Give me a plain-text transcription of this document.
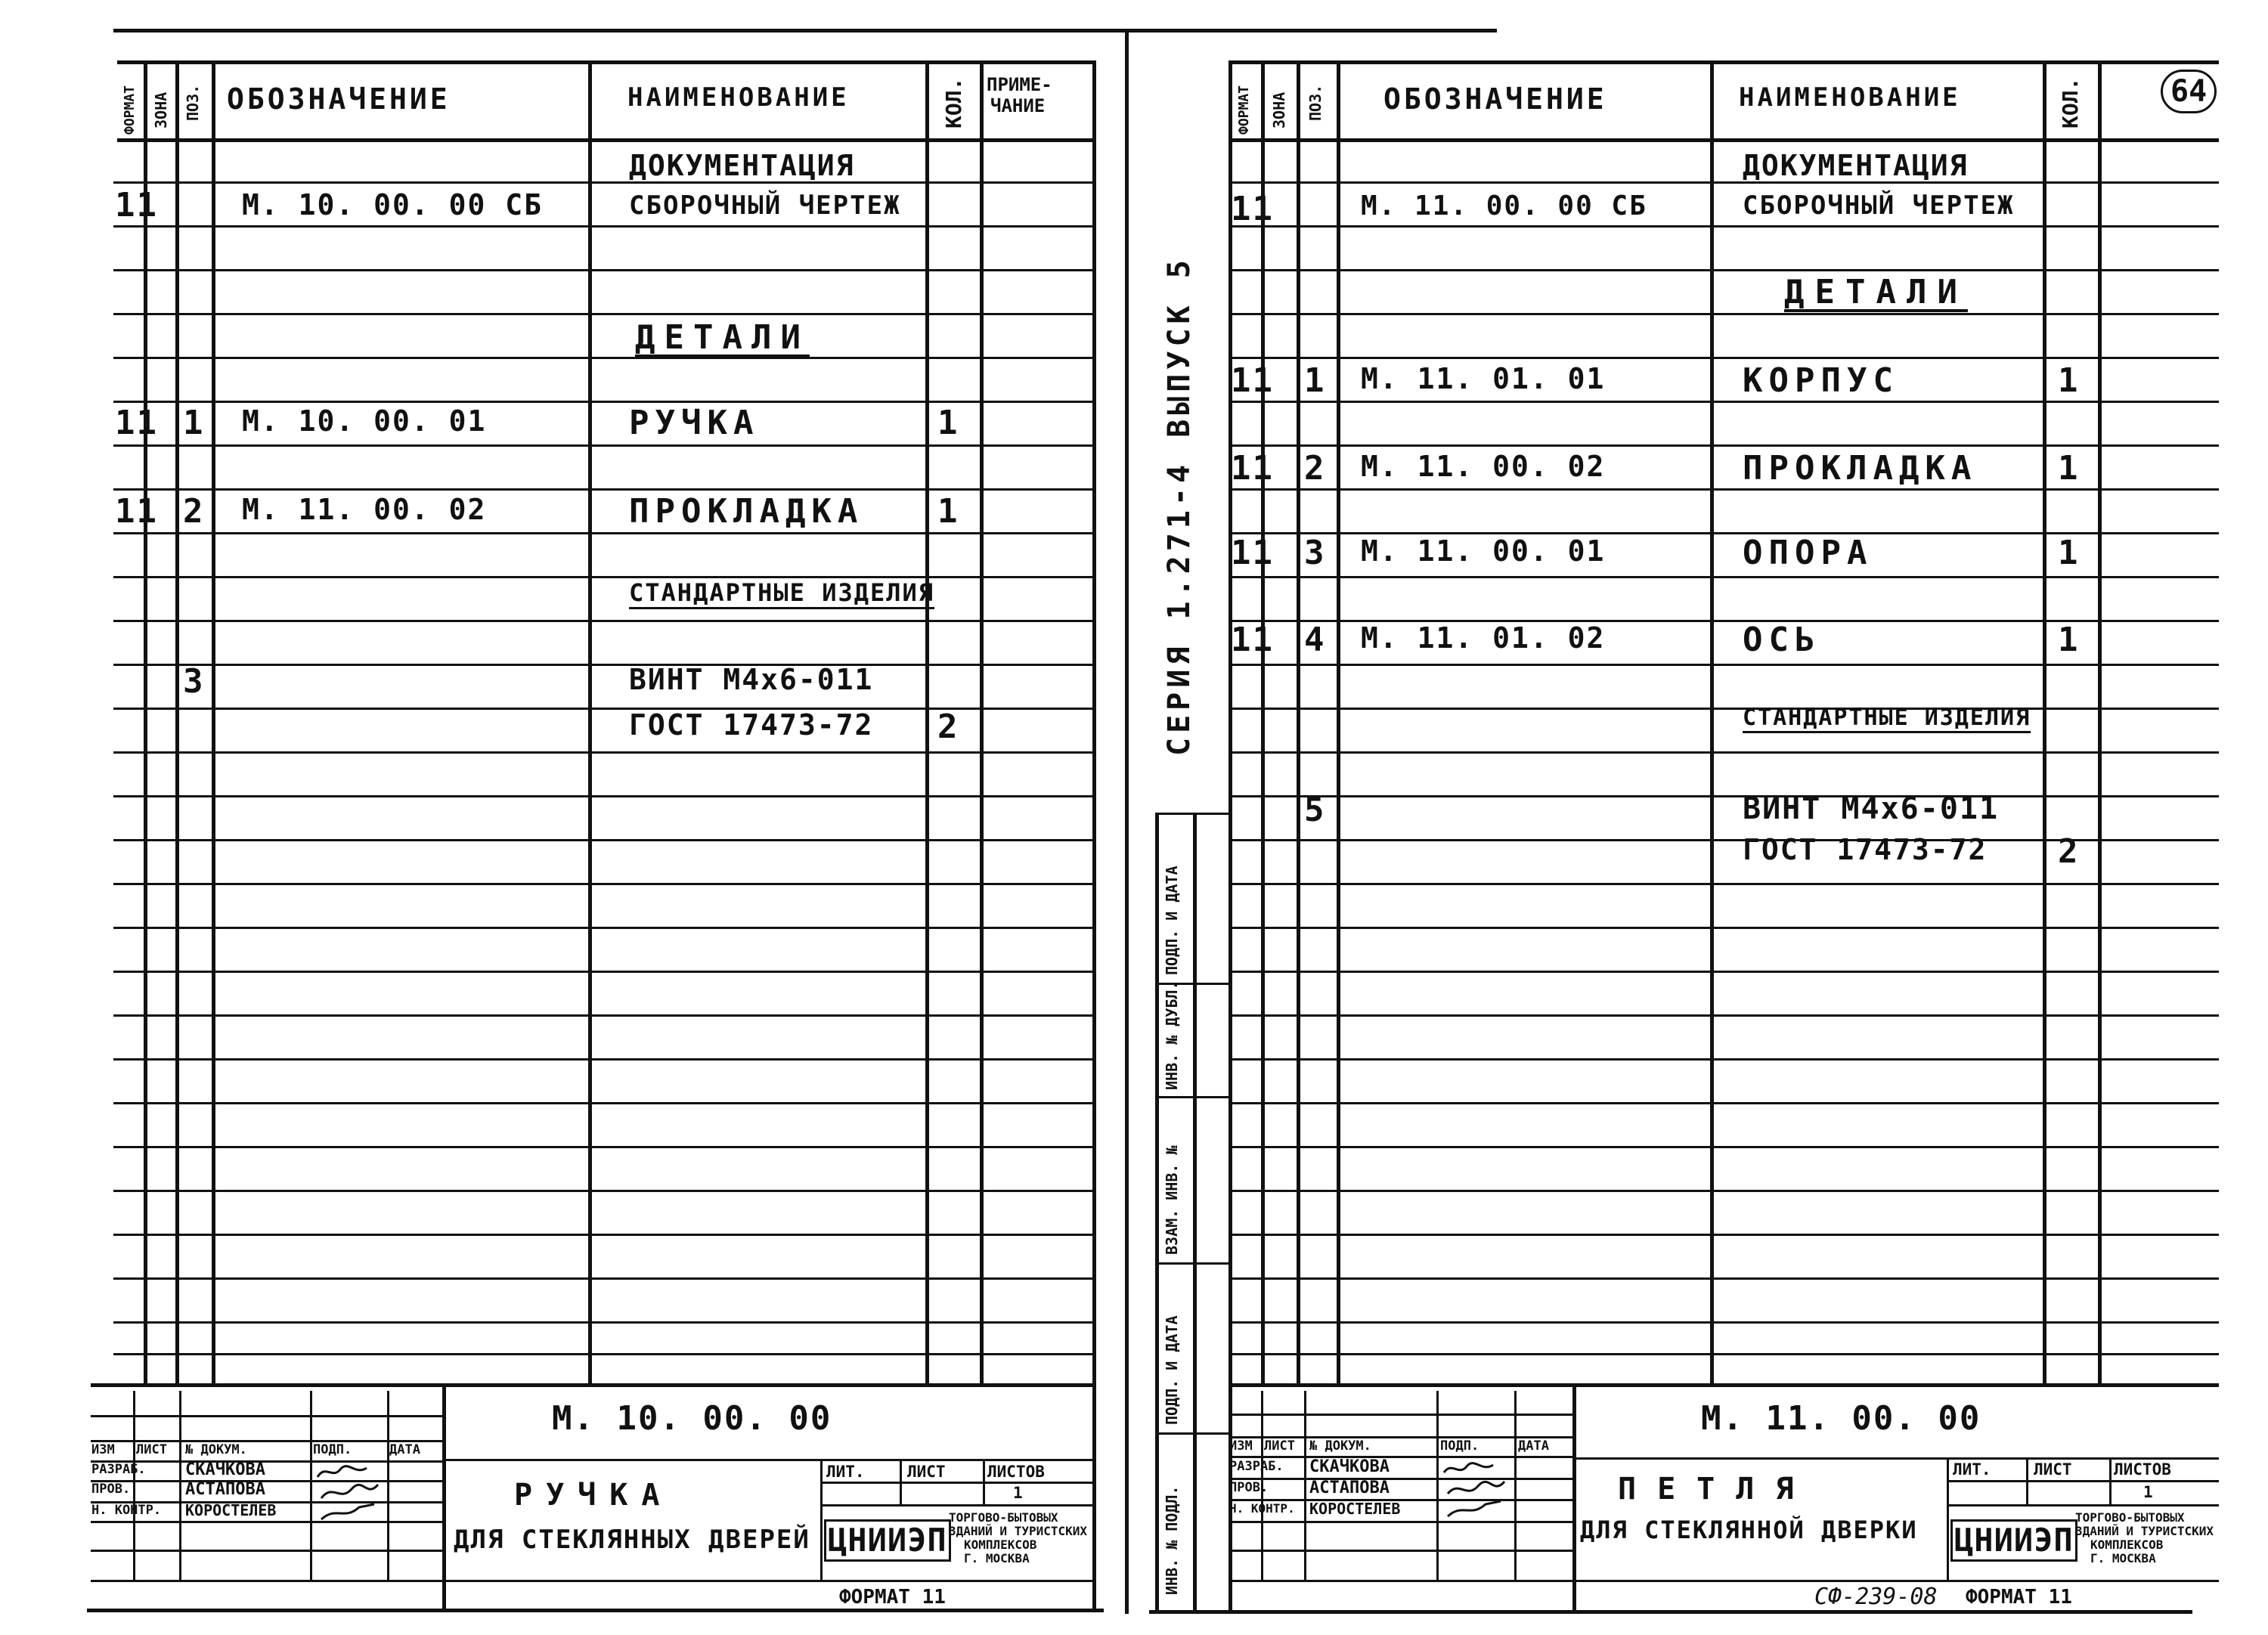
ФОРМАТ ЗОНА ПОЗ. ОБОЗНАЧЕНИЕ	НАИМЕНОВАНИЕ	КОЛ. ПРИМЕ-
ЧАНИЕ
ДОКУМЕНТАЦИЯ
11	М. 10. 00. 00 СБ	СБОРОЧНЫЙ ЧЕРТЕЖ
ДЕТАЛИ
11 1 М. 10. 00. 01	РУЧКА	1
11 2 М. 11. 00. 02	ПРОКЛАДКА 1
СТАНДАРТНЫЕ ИЗДЕЛИЯ
3	ВИНТ М4х6-011
ГОСТ 17473-72 2
М. 10. 00. 00
ИЗМ ЛИСТ № ДОКУМ.	ПОДП.	ДАТА
РАЗРАБ. СКАЧКОВА
ПРОВ.	АСТАПОВА
Н. КОНТР. КОРОСТЕЛЕВ	РУЧКА
ДЛЯ СТЕКЛЯННЫХ ДВЕРЕЙ
ЛИТ.	ЛИСТ	ЛИСТОВ
1
ЦНИИЭП
ТОРГОВО-БЫТОВЫХ
ЗДАНИЙ И ТУРИСТСКИХ
КОМПЛЕКСОВ
Г. МОСКВА
ФОРМАТ 11
64
ПОДП. И ДАТА
ИНВ. № ДУБЛ.
ВЗАМ. ИНВ. №
ПОДП. И ДАТА
ИНВ. № ПОДЛ.
СЕРИЯ 1.271-4 ВЫПУСК 5
ФОРМАТ ЗОНА ПОЗ. ОБОЗНАЧЕНИЕ	НАИМЕНОВАНИЕ	КОЛ.
ДОКУМЕНТАЦИЯ
11	М. 11. 00. 00 СБ	СБОРОЧНЫЙ ЧЕРТЕЖ
ДЕТАЛИ
11 1 М. 11. 01. 01	КОРПУС	1
11 2 М. 11. 00. 02	ПРОКЛАДКА 1
11 3 М. 11. 00. 01	ОПОРА	1
11 4 М. 11. 01. 02	ОСЬ	1
СТАНДАРТНЫЕ ИЗДЕЛИЯ
5	ВИНТ М4х6-011
ГОСТ 17473-72 2
М. 11. 00. 00
ИЗМ ЛИСТ № ДОКУМ.	ПОДП.	ДАТА
РАЗРАБ. СКАЧКОВА
ПРОВ. АСТАПОВА
Н. КОНТР. КОРОСТЕЛЕВ
ПЕТЛЯ
ДЛЯ СТЕКЛЯННОЙ ДВЕРКИ
ЛИТ.	ЛИСТ	ЛИСТОВ
1
ЦНИИЭП
ТОРГОВО-БЫТОВЫХ
ЗДАНИЙ И ТУРИСТСКИХ
КОМПЛЕКСОВ
Г. МОСКВА
СФ-239-08 ФОРМАТ 11
